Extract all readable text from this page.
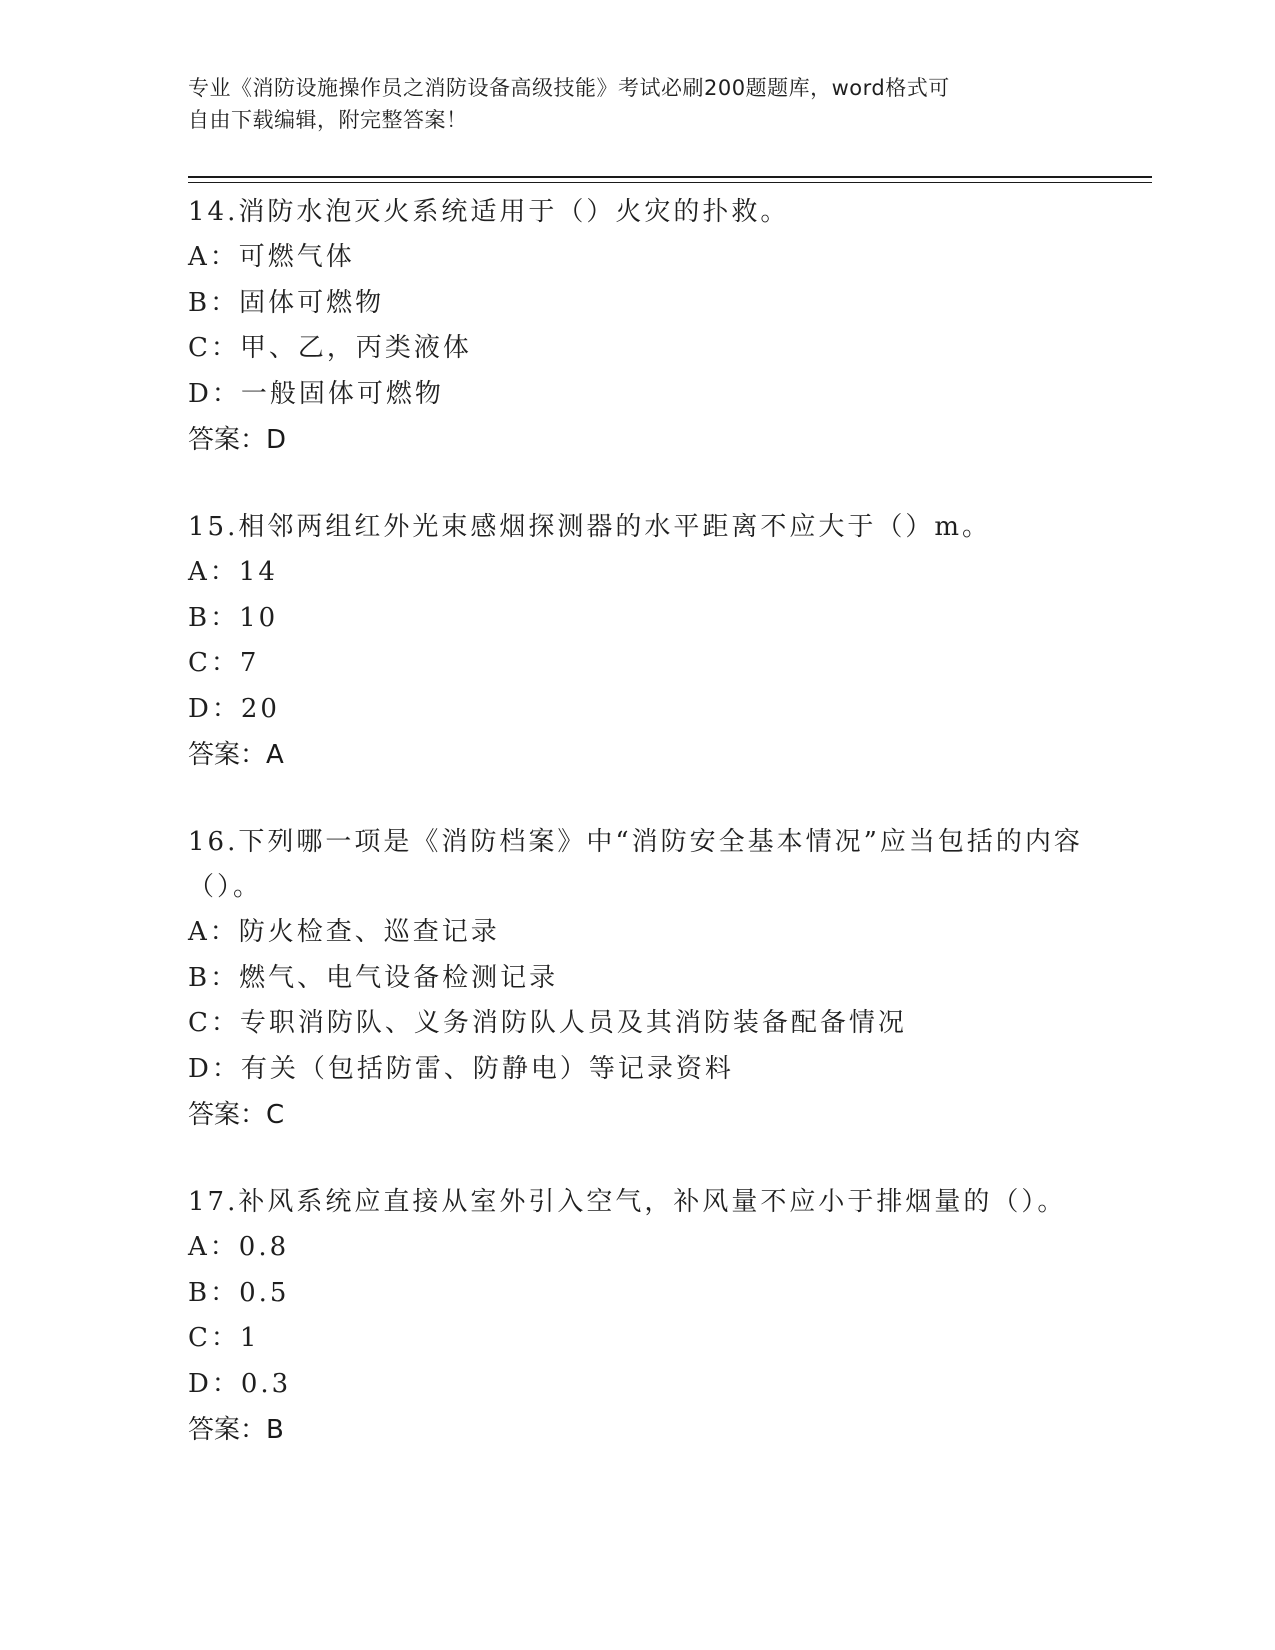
专业《消防设施操作员之消防设备高级技能》考试必刷200题题库，word格式可
自由下载编辑，附完整答案！
14.消防水泡灭火系统适用于（）火灾的扑救。
A：可燃气体
B：固体可燃物
C：甲、乙，丙类液体
D：一般固体可燃物
答案：D
15.相邻两组红外光束感烟探测器的水平距离不应大于（）m。
A：14
B：10
C：7
D：20
答案：A
16.下列哪一项是《消防档案》中“消防安全基本情况”应当包括的内容（）。
A：防火检查、巡查记录
B：燃气、电气设备检测记录
C：专职消防队、义务消防队人员及其消防装备配备情况
D：有关（包括防雷、防静电）等记录资料
答案：C
17.补风系统应直接从室外引入空气，补风量不应小于排烟量的（）。
A：0.8
B：0.5
C：1
D：0.3
答案：B
